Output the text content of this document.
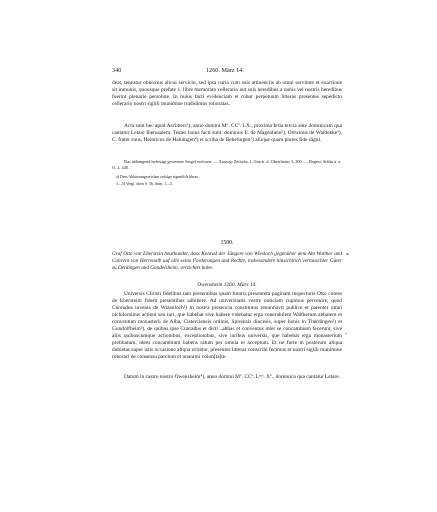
340	1260. März 14.

deat, teneatur obnoxius alicui servicio, sed ipsa curia cum suis attinenciis ab omni servitute et exactione sit inmunis, quousque prefate 1. libre memorato cellerario aut suis heredibus a nobis vel nostris heredibus fuerint plenarie persolute. In huius facti evidenciam et robur perpetuum litteras presentes sepedicto cellerario nostri sigilli munimine tradidimus roboratas.

Acta sunt hec apud Aschberc¹), anno domini Mº. CCº. LX., proxima feria tercia ante dominicam qua cantatur Letare Iherusalem. Testes huius facti sunt: dominus E. de Magenhein²), Ortwinus de Waldekke³), C. frater suus, Heinricus de Haluingen⁴) et scriba de Bebelingen⁵) aliique quam plures fide digni.

Das abhängend befestigt gewesene Siegel verloren. — Auszug: Zeitschr. f. Gesch. d. Oberrheins 3, 200. — Regest: Stälin a. a. O. 2, 440.

a) Dem Abkürzungszeichen zufolge eigentlich libras.

1—5) Vergl. oben S. 36, Anm. 1—5.

1580.

Graf Otto von Eberstein beurkundet, dass Konrad der Jüngere von Wiesloch gegenüber dem Abt Walther und Convent von Herrenalb auf alle seine Forderungen und Rechte, insbesondere hinsichtlich vertauschter Güter zu Derdingen und Gundelsheim, verzichtet habe.

*

Owensheim 1260. März 14.

Universis Christi fidelibus tam presentibus quam futuris presentem paginam inspecturis Otto comes de Ebersteim fidem presentibus adhibere. Ad universitatis vestre noticiam cupimus pervenire, quod Cunradus iuvenis de Wizenlòch¹) in nostra presencia constitutus renuntiavit publice et patenter omni nichilominus actioni seu iuri, que habebat sive habere videbatur erga venerabilem Waltherum abbatem et conventum monasterii de Alba, Cisterciensis ordinis, Spirensis diocesis, super bonis in Therdingen²) et Gundolfheim³), de quibus ipse Cunradus et dicti ..abbas et conventus inter se concambium fecerunt, sive aliis quibuscumque actionibus, exceptionibus, sive iuribus universis, que habebat erga monasterium prelibatum, idem concambium habens ratum per omnia et acceptum. Et ne forte in posterum aliqua dubietas super istis occasione aliqua oriretur, presentes litteras conscribi fecimus et nostri sigilli munimine roborari de consensu parcium et unanimi volun[ta]te.

-

Datum in castro nostro Owensheim⁴), anno domini Mº. CCº. Lᵐᵒ. Xº., dominica qua cantatur Letare.
